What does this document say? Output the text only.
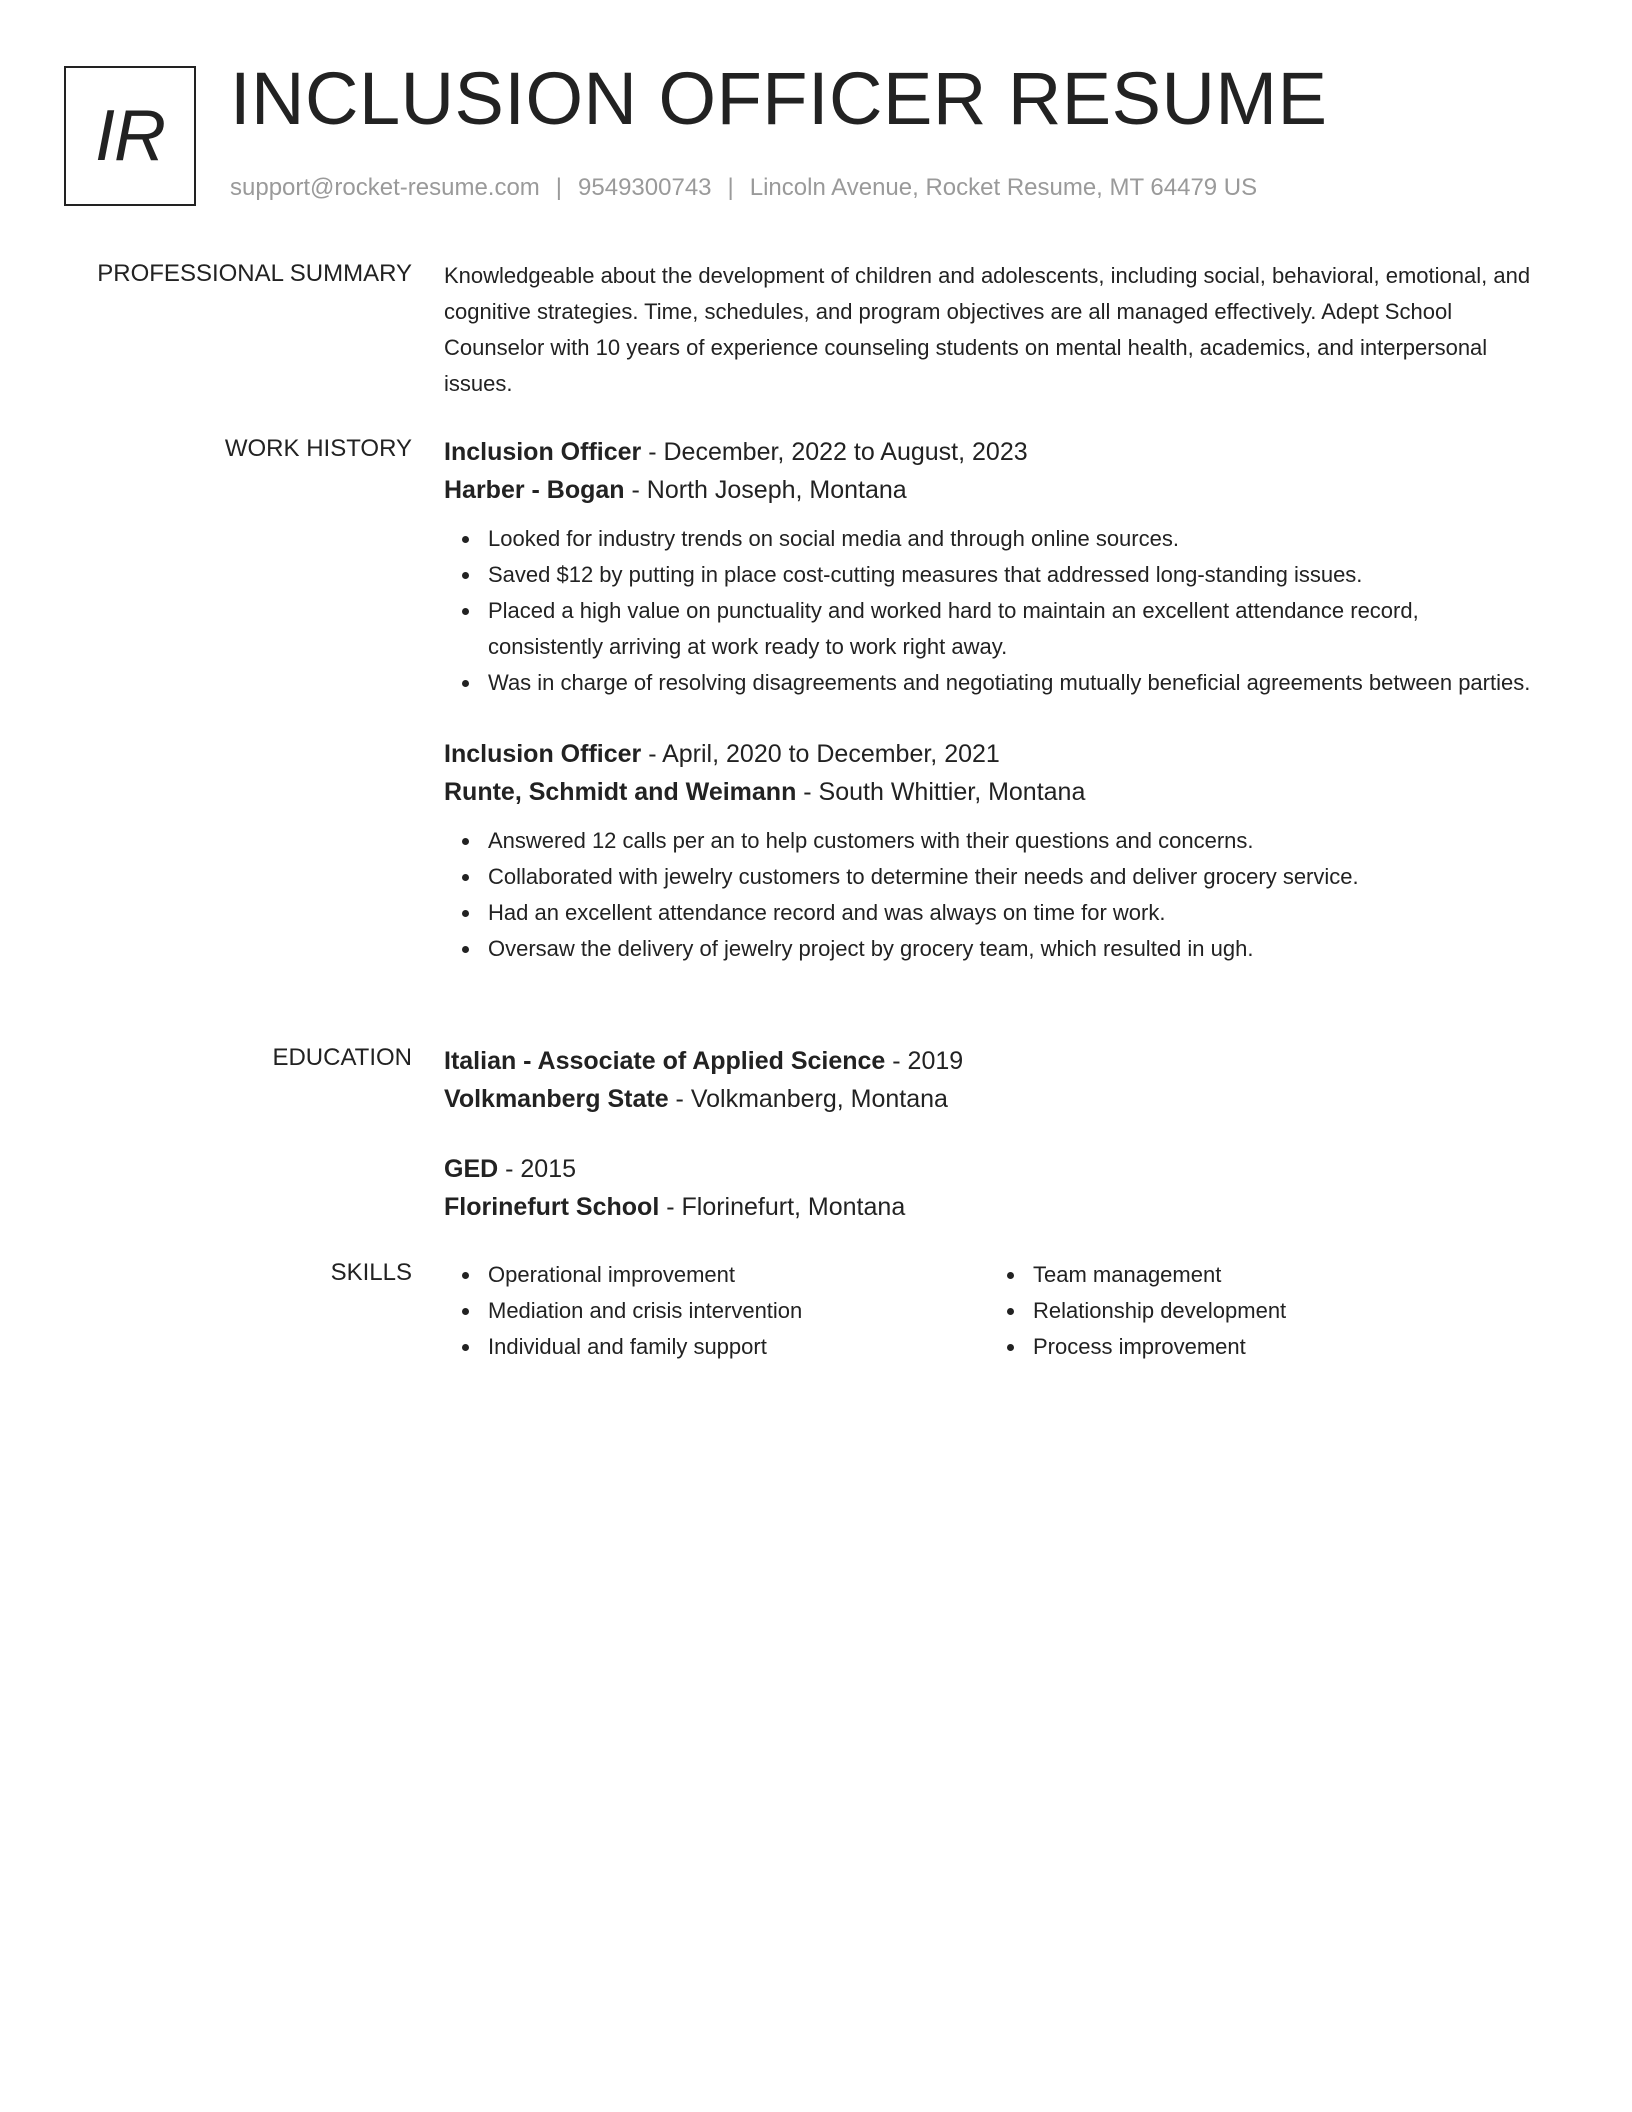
IR INCLUSION OFFICER RESUME
support@rocket-resume.com | 9549300743 | Lincoln Avenue, Rocket Resume, MT 64479 US
PROFESSIONAL SUMMARY Knowledgeable about the development of children and adolescents, including social, behavioral, emotional, and cognitive strategies. Time, schedules, and program objectives are all managed effectively. Adept School Counselor with 10 years of experience counseling students on mental health, academics, and interpersonal issues.

WORK HISTORY Inclusion Officer - December, 2022 to August, 2023
Harber - Bogan - North Joseph, Montana
Looked for industry trends on social media and through online sources.
Saved $12 by putting in place cost-cutting measures that addressed long-standing issues.
Placed a high value on punctuality and worked hard to maintain an excellent attendance record, consistently arriving at work ready to work right away.
Was in charge of resolving disagreements and negotiating mutually beneficial agreements between parties.
Inclusion Officer - April, 2020 to December, 2021
Runte, Schmidt and Weimann - South Whittier, Montana
Answered 12 calls per an to help customers with their questions and concerns.
Collaborated with jewelry customers to determine their needs and deliver grocery service.
Had an excellent attendance record and was always on time for work.
Oversaw the delivery of jewelry project by grocery team, which resulted in ugh.
EDUCATION Italian - Associate of Applied Science - 2019
Volkmanberg State - Volkmanberg, Montana
GED - 2015
Florinefurt School - Florinefurt, Montana
SKILLS	Operational improvement
Mediation and crisis intervention
Individual and family support
Team management
Relationship development
Process improvement
